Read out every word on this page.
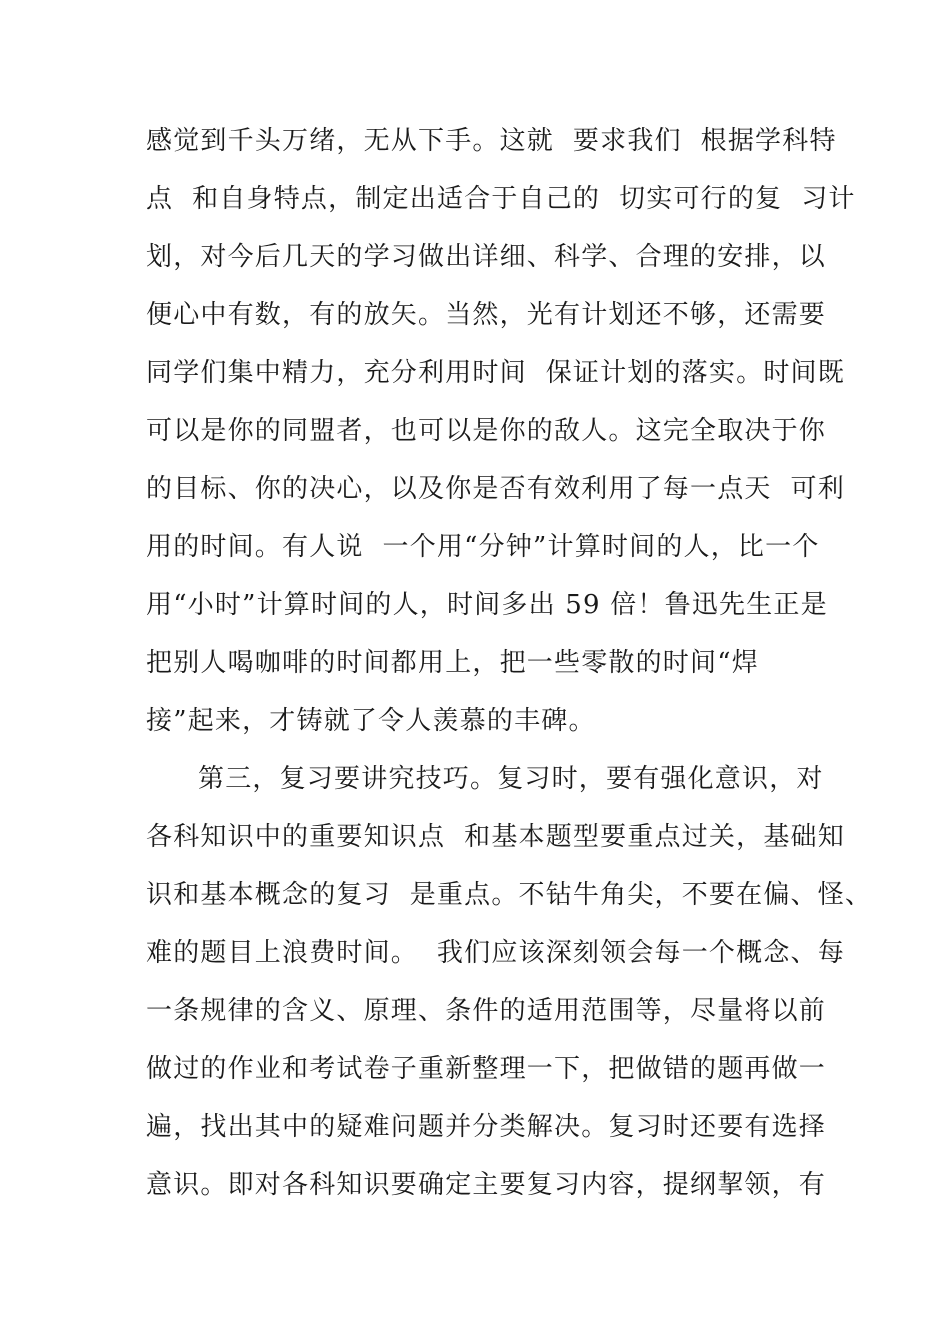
感觉到千头万绪，无从下手。这就  要求我们  根据学科特
点  和自身特点，制定出适合于自己的  切实可行的复  习计
划，对今后几天的学习做出详细、科学、合理的安排，以
便心中有数，有的放矢。当然，光有计划还不够，还需要
同学们集中精力，充分利用时间  保证计划的落实。时间既
可以是你的同盟者，也可以是你的敌人。这完全取决于你
的目标、你的决心，以及你是否有效利用了每一点天  可利
用的时间。有人说  一个用“分钟”计算时间的人，比一个
用“小时”计算时间的人，时间多出 59 倍！鲁迅先生正是
把别人喝咖啡的时间都用上，把一些零散的时间“焊
接”起来，才铸就了令人羡慕的丰碑。
第三，复习要讲究技巧。复习时，要有强化意识，对
各科知识中的重要知识点  和基本题型要重点过关，基础知
识和基本概念的复习  是重点。不钻牛角尖，不要在偏、怪、
难的题目上浪费时间。  我们应该深刻领会每一个概念、每
一条规律的含义、原理、条件的适用范围等，尽量将以前
做过的作业和考试卷子重新整理一下，把做错的题再做一
遍，找出其中的疑难问题并分类解决。复习时还要有选择
意识。即对各科知识要确定主要复习内容，提纲挈领，有
